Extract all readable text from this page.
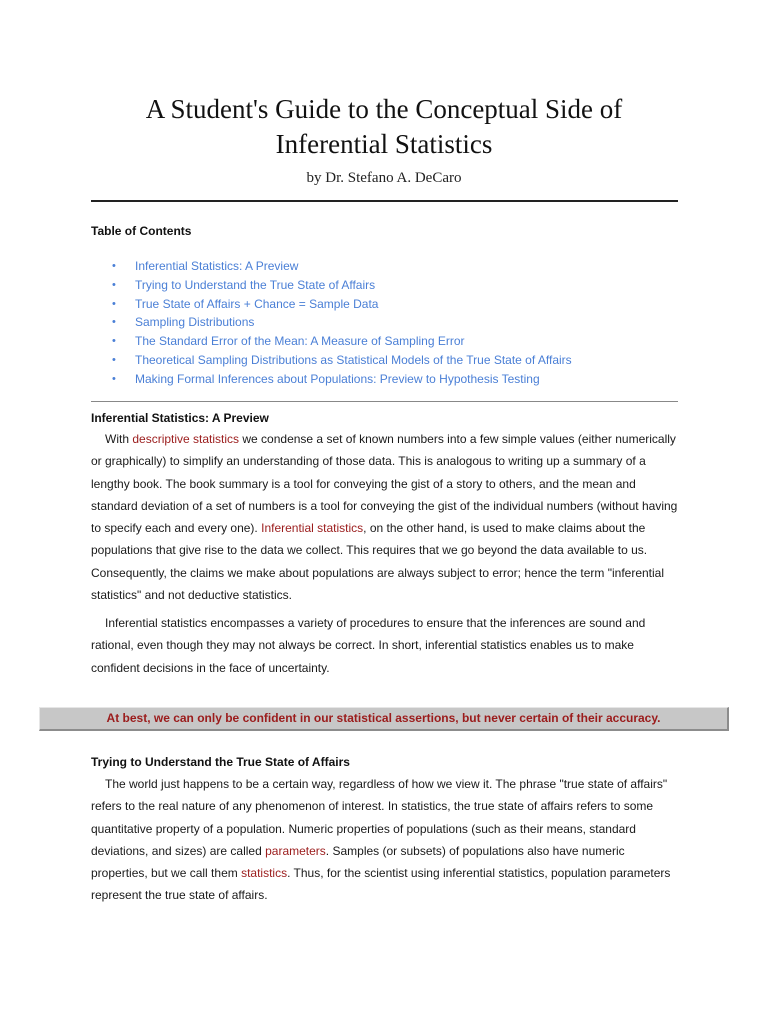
A Student's Guide to the Conceptual Side of
Inferential Statistics
by Dr. Stefano A. DeCaro
Table of Contents
• Inferential Statistics: A Preview
• Trying to Understand the True State of Affairs
• True State of Affairs + Chance = Sample Data
• Sampling Distributions
• The Standard Error of the Mean: A Measure of Sampling Error
• Theoretical Sampling Distributions as Statistical Models of the True State of Affairs
• Making Formal Inferences about Populations: Preview to Hypothesis Testing
Inferential Statistics: A Preview

With descriptive statistics we condense a set of known numbers into a few simple values (either numerically or graphically) to simplify an understanding of those data. This is analogous to writing up a summary of a lengthy book. The book summary is a tool for conveying the gist of a story to others, and the mean and standard deviation of a set of numbers is a tool for conveying the gist of the individual numbers (without having to specify each and every one). Inferential statistics, on the other hand, is used to make claims about the populations that give rise to the data we collect. This requires that we go beyond the data available to us. Consequently, the claims we make about populations are always subject to error; hence the term "inferential statistics" and not deductive statistics.

Inferential statistics encompasses a variety of procedures to ensure that the inferences are sound and rational, even though they may not always be correct. In short, inferential statistics enables us to make confident decisions in the face of uncertainty.

At best, we can only be confident in our statistical assertions, but never certain of their accuracy.
Trying to Understand the True State of Affairs

The world just happens to be a certain way, regardless of how we view it. The phrase "true state of affairs" refers to the real nature of any phenomenon of interest. In statistics, the true state of affairs refers to some quantitative property of a population. Numeric properties of populations (such as their means, standard deviations, and sizes) are called parameters. Samples (or subsets) of populations also have numeric properties, but we call them statistics. Thus, for the scientist using inferential statistics, population parameters represent the true state of affairs.
